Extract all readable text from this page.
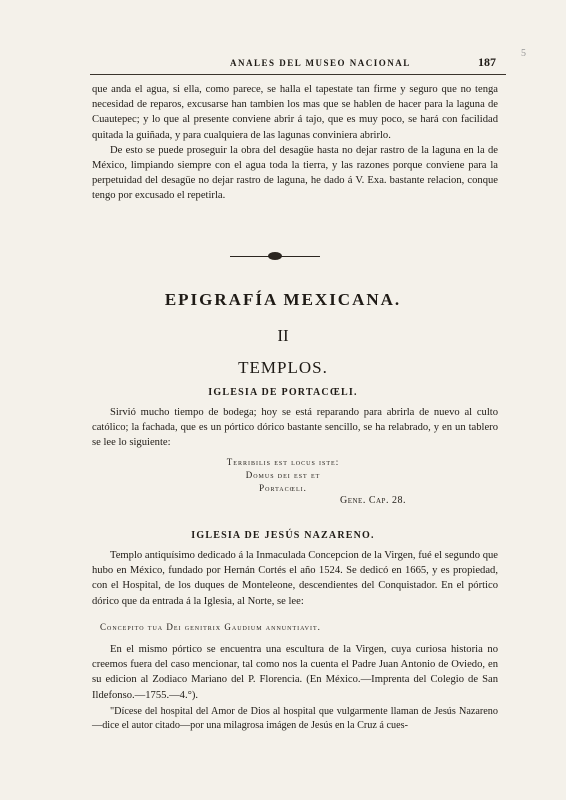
5
ANALES DEL MUSEO NACIONAL	187

que anda el agua, si ella, como parece, se halla el tapestate tan firme y seguro que no tenga necesidad de reparos, excusarse han tambien los mas que se hablen de hacer para la laguna de Cuautepec; y lo que al presente conviene abrir á tajo, que es muy poco, se hará con facilidad quitada la guiñada, y para cualquiera de las lagunas conviniera abrirlo.

De esto se puede proseguir la obra del desagüe hasta no dejar rastro de la laguna en la de México, limpiando siempre con el agua toda la tierra, y las razones porque conviene para la perpetuidad del desagüe no dejar rastro de laguna, he dado á V. Exa. bastante relacion, conque tengo por excusado el repetirla.

EPIGRAFÍA MEXICANA.
II
TEMPLOS.
IGLESIA DE PORTACŒLI.

Sirvió mucho tiempo de bodega; hoy se está reparando para abrirla de nuevo al culto católico; la fachada, que es un pórtico dórico bastante sencillo, se ha relabrado, y en un tablero se lee lo siguiente:

Terribilis est locus iste:
Domus dei est et
Portacœli.
Gene. Cap. 28.
IGLESIA DE JESÚS NAZARENO.

Templo antiquísimo dedicado á la Inmaculada Concepcion de la Virgen, fué el segundo que hubo en México, fundado por Hernán Cortés el año 1524. Se dedicó en 1665, y es propiedad, con el Hospital, de los duques de Monteleone, descendientes del Conquistador. En el pórtico dórico que da entrada á la Iglesia, al Norte, se lee:

Concepito tua Dei genitrix Gaudium annuntiavit.

En el mismo pórtico se encuentra una escultura de la Virgen, cuya curiosa historia no creemos fuera del caso mencionar, tal como nos la cuenta el Padre Juan Antonio de Oviedo, en su edicion al Zodiaco Mariano del P. Florencia. (En México.—Imprenta del Colegio de San Ildefonso.—1755.—4.°).

"Dícese del hospital del Amor de Dios al hospital que vulgarmente llaman de Jesús Nazareno—dice el autor citado—por una milagrosa imágen de Jesús en la Cruz á cues-
